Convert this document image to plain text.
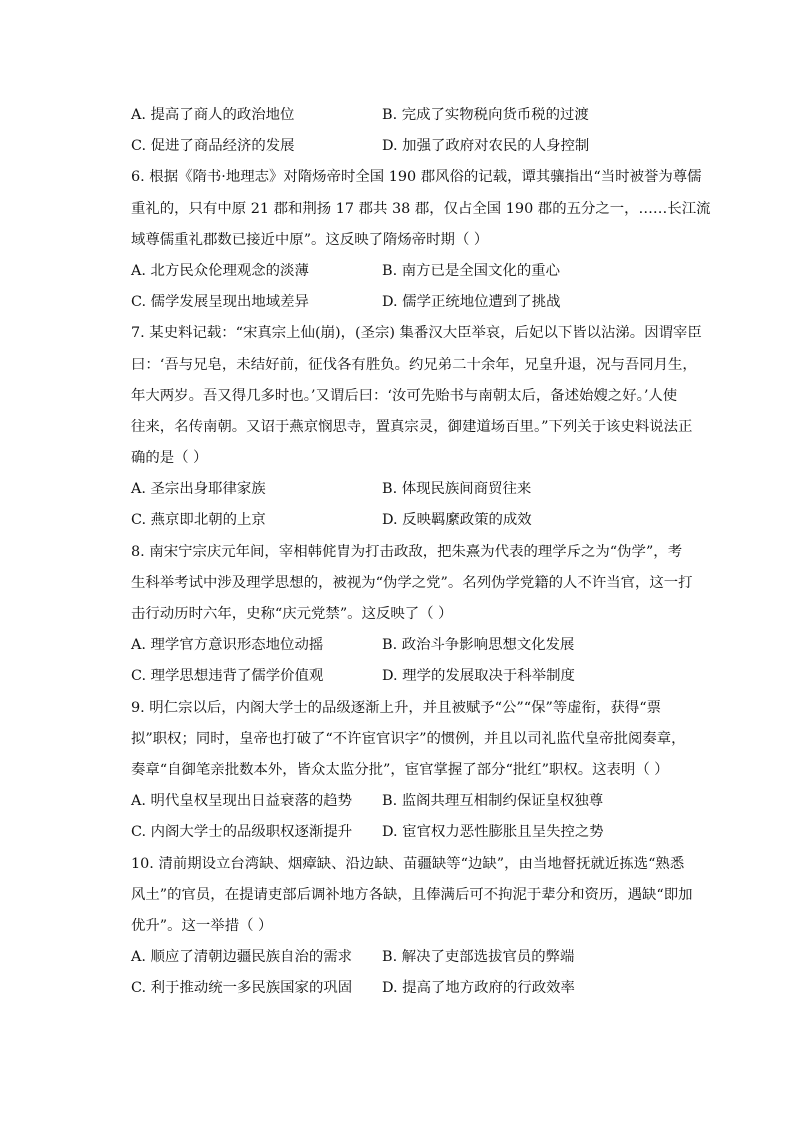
A. 提高了商人的政治地位	B. 完成了实物税向货币税的过渡
C. 促进了商品经济的发展	D. 加强了政府对农民的人身控制
6. 根据《隋书·地理志》对隋炀帝时全国 190 郡风俗的记载，谭其骧指出“当时被誉为尊儒
重礼的，只有中原 21 郡和荆扬 17 郡共 38 郡，仅占全国 190 郡的五分之一，……长江流
域尊儒重礼郡数已接近中原”。这反映了隋炀帝时期（ ）
A. 北方民众伦理观念的淡薄	B. 南方已是全国文化的重心
C. 儒学发展呈现出地域差异	D. 儒学正统地位遭到了挑战
7. 某史料记载：“宋真宗上仙(崩)，(圣宗) 集番汉大臣举哀，后妃以下皆以沾涕。因谓宰臣
曰：‘吾与兄皂，未结好前，征伐各有胜负。约兄弟二十余年，兄皇升退，况与吾同月生，
年大两岁。吾又得几多时也。’又谓后曰：‘汝可先贻书与南朝太后，备述始嫂之好。’人使
往来，名传南朝。又诏于燕京悯思寺，置真宗灵，御建道场百里。”下列关于该史料说法正
确的是（ ）
A. 圣宗出身耶律家族	B. 体现民族间商贸往来
C. 燕京即北朝的上京	D. 反映羁縻政策的成效
8. 南宋宁宗庆元年间，宰相韩侂胄为打击政敌，把朱熹为代表的理学斥之为“伪学”，考
生科举考试中涉及理学思想的，被视为“伪学之党”。名列伪学党籍的人不许当官，这一打
击行动历时六年，史称“庆元党禁”。这反映了（ ）
A. 理学官方意识形态地位动摇	B. 政治斗争影响思想文化发展
C. 理学思想违背了儒学价值观	D. 理学的发展取决于科举制度
9. 明仁宗以后，内阁大学士的品级逐渐上升，并且被赋予“公”“保”等虚衔，获得“票
拟”职权；同时，皇帝也打破了“不许宦官识字”的惯例，并且以司礼监代皇帝批阅奏章，
奏章“自御笔亲批数本外，皆众太监分批”，宦官掌握了部分“批红”职权。这表明（ ）
A. 明代皇权呈现出日益衰落的趋势 B. 监阁共理互相制约保证皇权独尊
C. 内阁大学士的品级职权逐渐提升 D. 宦官权力恶性膨胀且呈失控之势
10. 清前期设立台湾缺、烟瘴缺、沿边缺、苗疆缺等“边缺”，由当地督抚就近拣选“熟悉
风土”的官员，在提请吏部后调补地方各缺，且俸满后可不拘泥于辈分和资历，遇缺“即加
优升”。这一举措（ ）
A. 顺应了清朝边疆民族自治的需求 B. 解决了吏部选拔官员的弊端
C. 利于推动统一多民族国家的巩固 D. 提高了地方政府的行政效率
